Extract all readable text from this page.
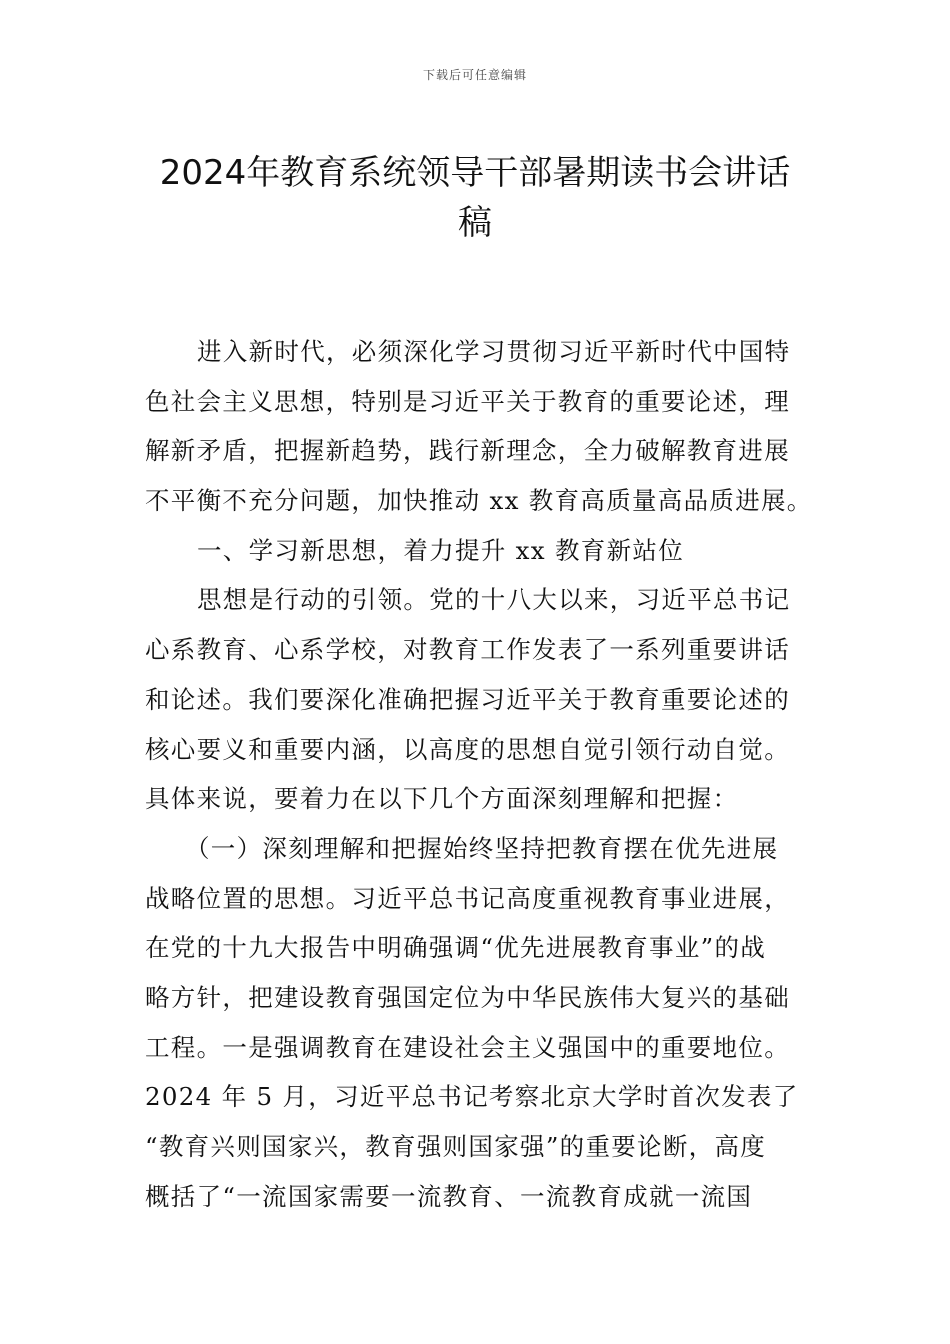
下载后可任意编辑
2024年教育系统领导干部暑期读书会讲话
稿
进入新时代，必须深化学习贯彻习近平新时代中国特
色社会主义思想，特别是习近平关于教育的重要论述，理
解新矛盾，把握新趋势，践行新理念，全力破解教育进展
不平衡不充分问题，加快推动 xx 教育高质量高品质进展。
一、学习新思想，着力提升 xx 教育新站位
思想是行动的引领。党的十八大以来，习近平总书记
心系教育、心系学校，对教育工作发表了一系列重要讲话
和论述。我们要深化准确把握习近平关于教育重要论述的
核心要义和重要内涵，以高度的思想自觉引领行动自觉。
具体来说，要着力在以下几个方面深刻理解和把握：
（一）深刻理解和把握始终坚持把教育摆在优先进展
战略位置的思想。习近平总书记高度重视教育事业进展，
在党的十九大报告中明确强调“优先进展教育事业”的战
略方针，把建设教育强国定位为中华民族伟大复兴的基础
工程。一是强调教育在建设社会主义强国中的重要地位。
2024 年 5 月，习近平总书记考察北京大学时首次发表了
“教育兴则国家兴，教育强则国家强”的重要论断，高度
概括了“一流国家需要一流教育、一流教育成就一流国
